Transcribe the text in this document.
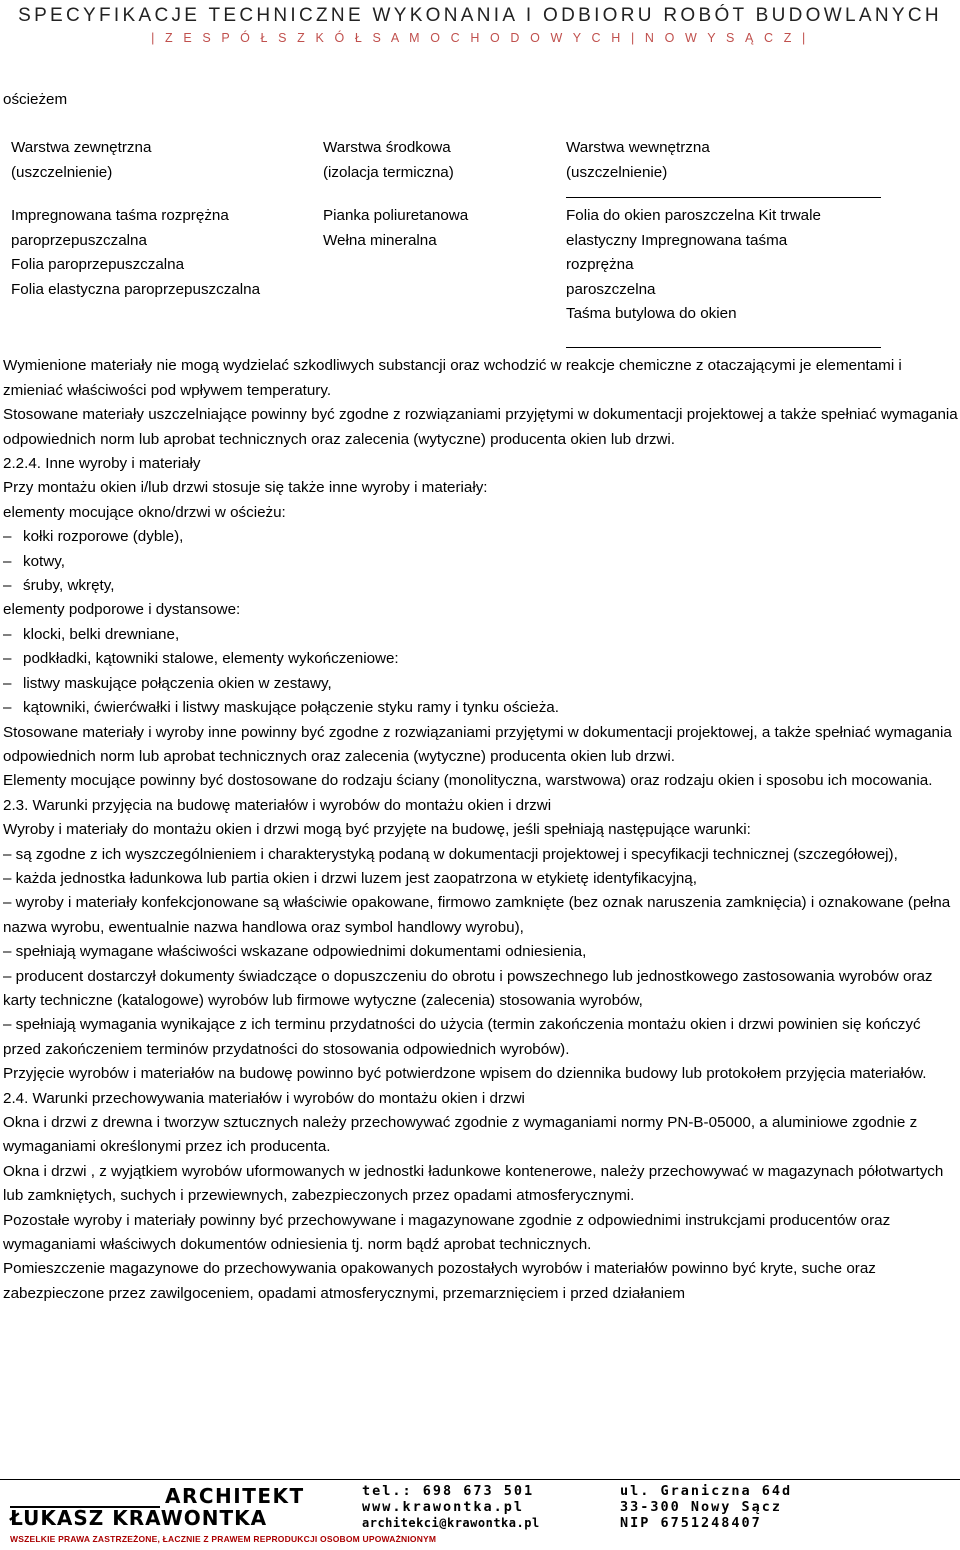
SPECYFIKACJE TECHNICZNE WYKONANIA I ODBIORU ROBÓT BUDOWLANYCH
| Z E S P Ó Ł S Z K Ó Ł S A M O C H O D O W Y C H | N O W Y S Ą C Z |

ościeżem

Warstwa zewnętrzna

(uszczelnienie)

Impregnowana taśma rozprężna

paroprzepuszczalna

Folia paroprzepuszczalna

Folia elastyczna paroprzepuszczalna

Warstwa środkowa

(izolacja termiczna)

Pianka poliuretanowa

Wełna mineralna

Warstwa wewnętrzna

(uszczelnienie)

Folia do okien paroszczelna Kit trwale

elastyczny Impregnowana taśma

rozprężna

paroszczelna

Taśma butylowa do okien

Wymienione materiały nie mogą wydzielać szkodliwych substancji oraz wchodzić w reakcje chemiczne z otaczającymi je elementami i zmieniać właściwości pod wpływem temperatury.

Stosowane materiały uszczelniające powinny być zgodne z rozwiązaniami przyjętymi w dokumentacji projektowej a także spełniać wymagania odpowiednich norm lub aprobat technicznych oraz zalecenia (wytyczne) producenta okien lub drzwi.

2.2.4. Inne wyroby i materiały

Przy montażu okien i/lub drzwi stosuje się także inne wyroby i materiały:

elementy mocujące okno/drzwi w ościeżu:

– kołki rozporowe (dyble),

– kotwy,

– śruby, wkręty,

elementy podporowe i dystansowe:

– klocki, belki drewniane,

– podkładki, kątowniki stalowe, elementy wykończeniowe:

– listwy maskujące połączenia okien w zestawy,

– kątowniki, ćwierćwałki i listwy maskujące połączenie styku ramy i tynku ościeża.

Stosowane materiały i wyroby inne powinny być zgodne z rozwiązaniami przyjętymi w dokumentacji projektowej, a także spełniać wymagania odpowiednich norm lub aprobat technicznych oraz zalecenia (wytyczne) producenta okien lub drzwi.

Elementy mocujące powinny być dostosowane do rodzaju ściany (monolityczna, warstwowa) oraz rodzaju okien i sposobu ich mocowania.

2.3. Warunki przyjęcia na budowę materiałów i wyrobów do montażu okien i drzwi

Wyroby i materiały do montażu okien i drzwi mogą być przyjęte na budowę, jeśli spełniają następujące warunki:

– są zgodne z ich wyszczególnieniem i charakterystyką podaną w dokumentacji projektowej i specyfikacji technicznej (szczegółowej),

– każda jednostka ładunkowa lub partia okien i drzwi luzem jest zaopatrzona w etykietę identyfikacyjną,

– wyroby i materiały konfekcjonowane są właściwie opakowane, firmowo zamknięte (bez oznak naruszenia zamknięcia) i oznakowane (pełna nazwa wyrobu, ewentualnie nazwa handlowa oraz symbol handlowy wyrobu),

– spełniają wymagane właściwości wskazane odpowiednimi dokumentami odniesienia,

– producent dostarczył dokumenty świadczące o dopuszczeniu do obrotu i powszechnego lub jednostkowego zastosowania wyrobów oraz karty techniczne (katalogowe) wyrobów lub firmowe wytyczne (zalecenia) stosowania wyrobów,

– spełniają wymagania wynikające z ich terminu przydatności do użycia (termin zakończenia montażu okien i drzwi powinien się kończyć przed zakończeniem terminów przydatności do stosowania odpowiednich wyrobów).

Przyjęcie wyrobów i materiałów na budowę powinno być potwierdzone wpisem do dziennika budowy lub protokołem przyjęcia materiałów.

2.4. Warunki przechowywania materiałów i wyrobów do montażu okien i drzwi

Okna i drzwi z drewna i tworzyw sztucznych należy przechowywać zgodnie z wymaganiami normy PN-B-05000, a aluminiowe zgodnie z wymaganiami określonymi przez ich producenta.

Okna i drzwi , z wyjątkiem wyrobów uformowanych w jednostki ładunkowe kontenerowe, należy przechowywać w magazynach półotwartych lub zamkniętych, suchych i przewiewnych, zabezpieczonych przez opadami atmosferycznymi.

Pozostałe wyroby i materiały powinny być przechowywane i magazynowane zgodnie z odpowiednimi instrukcjami producentów oraz wymaganiami właściwych dokumentów odniesienia tj. norm bądź aprobat technicznych.

Pomieszczenie magazynowe do przechowywania opakowanych pozostałych wyrobów i materiałów powinno być kryte, suche oraz zabezpieczone przez zawilgoceniem, opadami atmosferycznymi, przemarznięciem i przed działaniem

ARCHITEKT
ŁUKASZ KRAWONTKA
WSZELKIE PRAWA ZASTRZEŻONE, ŁACZNIE Z PRAWEM REPRODUKCJI OSOBOM UPOWAŻNIONYM
tel.: 698 673 501
www.krawontka.pl
architekci@krawontka.pl
ul. Graniczna 64d
33-300 Nowy Sącz
NIP 6751248407
